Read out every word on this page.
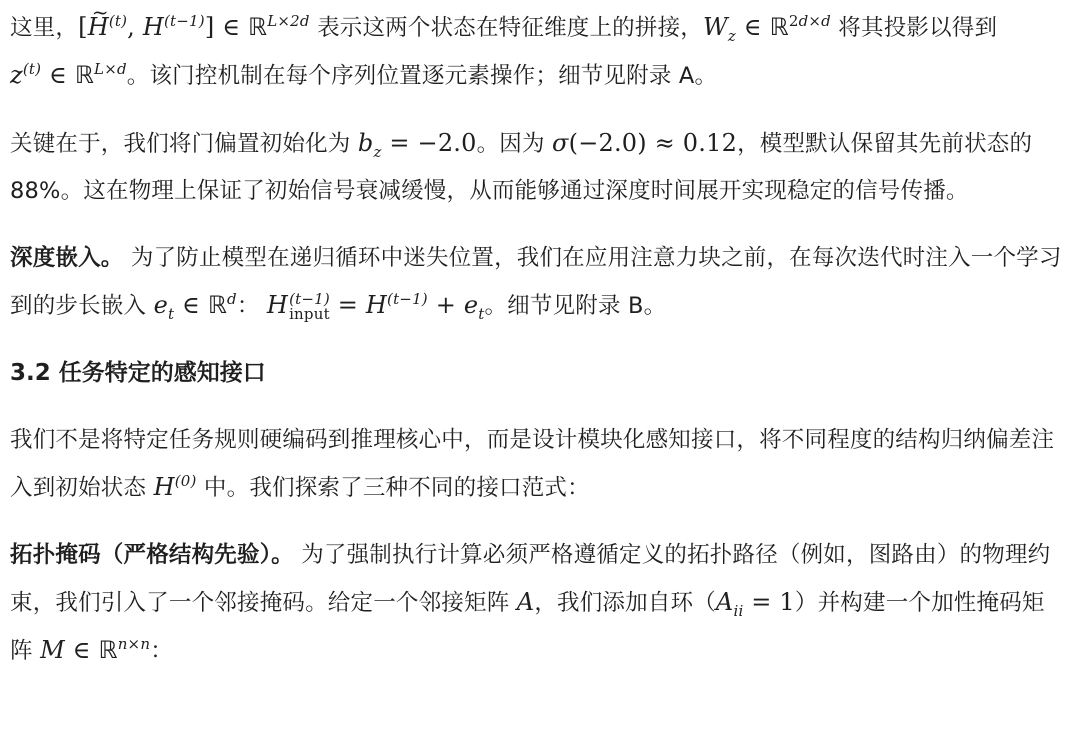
这里，[~ $H^{(t)}$, $H^{(t-1)}$] ∈ ℝ$^{L\times 2d}$ 表示这两个状态在特征维度上的拼接，$W_z$ ∈ ℝ$^{2d\times d}$ 将其投影以得到 $z^{(t)}$ ∈ ℝ$^{L\times d}$。该门控机制在每个序列位置逐元素操作；细节见附录 A。

关键在于，我们将门偏置初始化为 $b_z = -2.0$。因为 σ(−2.0) ≈ 0.12，模型默认保留其先前状态的 88%。这在物理上保证了初始信号衰减缓慢，从而能够通过深度时间展开实现稳定的信号传播。

深度嵌入。 为了防止模型在递归循环中迷失位置，我们在应用注意力块之前，在每次迭代时注入一个学习到的步长嵌入 $e_t$ ∈ ℝ$^d$： H (t−1)
input = $H^{(t-1)} + e_t$。细节见附录 B。

3.2 任务特定的感知接口

我们不是将特定任务规则硬编码到推理核心中，而是设计模块化感知接口，将不同程度的结构归纳偏差注入到初始状态 $H^{(0)}$ 中。我们探索了三种不同的接口范式：

拓扑掩码（严格结构先验）。 为了强制执行计算必须严格遵循定义的拓扑路径（例如，图路由）的物理约束，我们引入了一个邻接掩码。给定一个邻接矩阵 A，我们添加自环$(A_{ii} = 1)$并构建一个加性掩码矩阵 M ∈ ℝ$^{n\times n}$：
